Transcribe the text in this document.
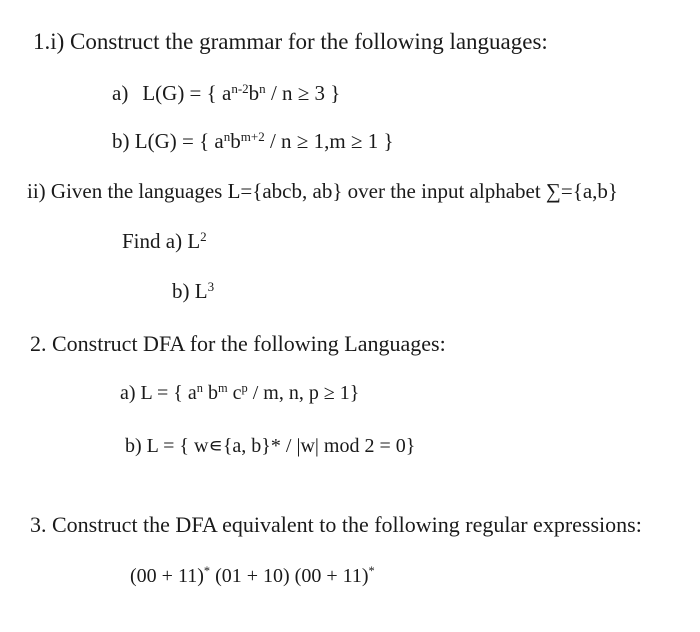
1.i) Construct the grammar for the following languages:
a) L(G) = { $a^{n-2}b^n / n \ge 3$ }
b) L(G) = { $a^nb^{m+2} / n \ge 1,m \ge 1$ }
ii) Given the languages L={abcb, ab} over the input alphabet ∑={a,b}
Find a) $L^2$
b) $L^3$
2. Construct DFA for the following Languages:
a) L = { $a^n$ $b^m$ $c^p$ / m, n, p ≥ 1}
b) L = { w∊{a, b}* / |w| mod 2 = 0}
3. Construct the DFA equivalent to the following regular expressions:
(00 + 11)* (01 + 10) (00 + 11)*
